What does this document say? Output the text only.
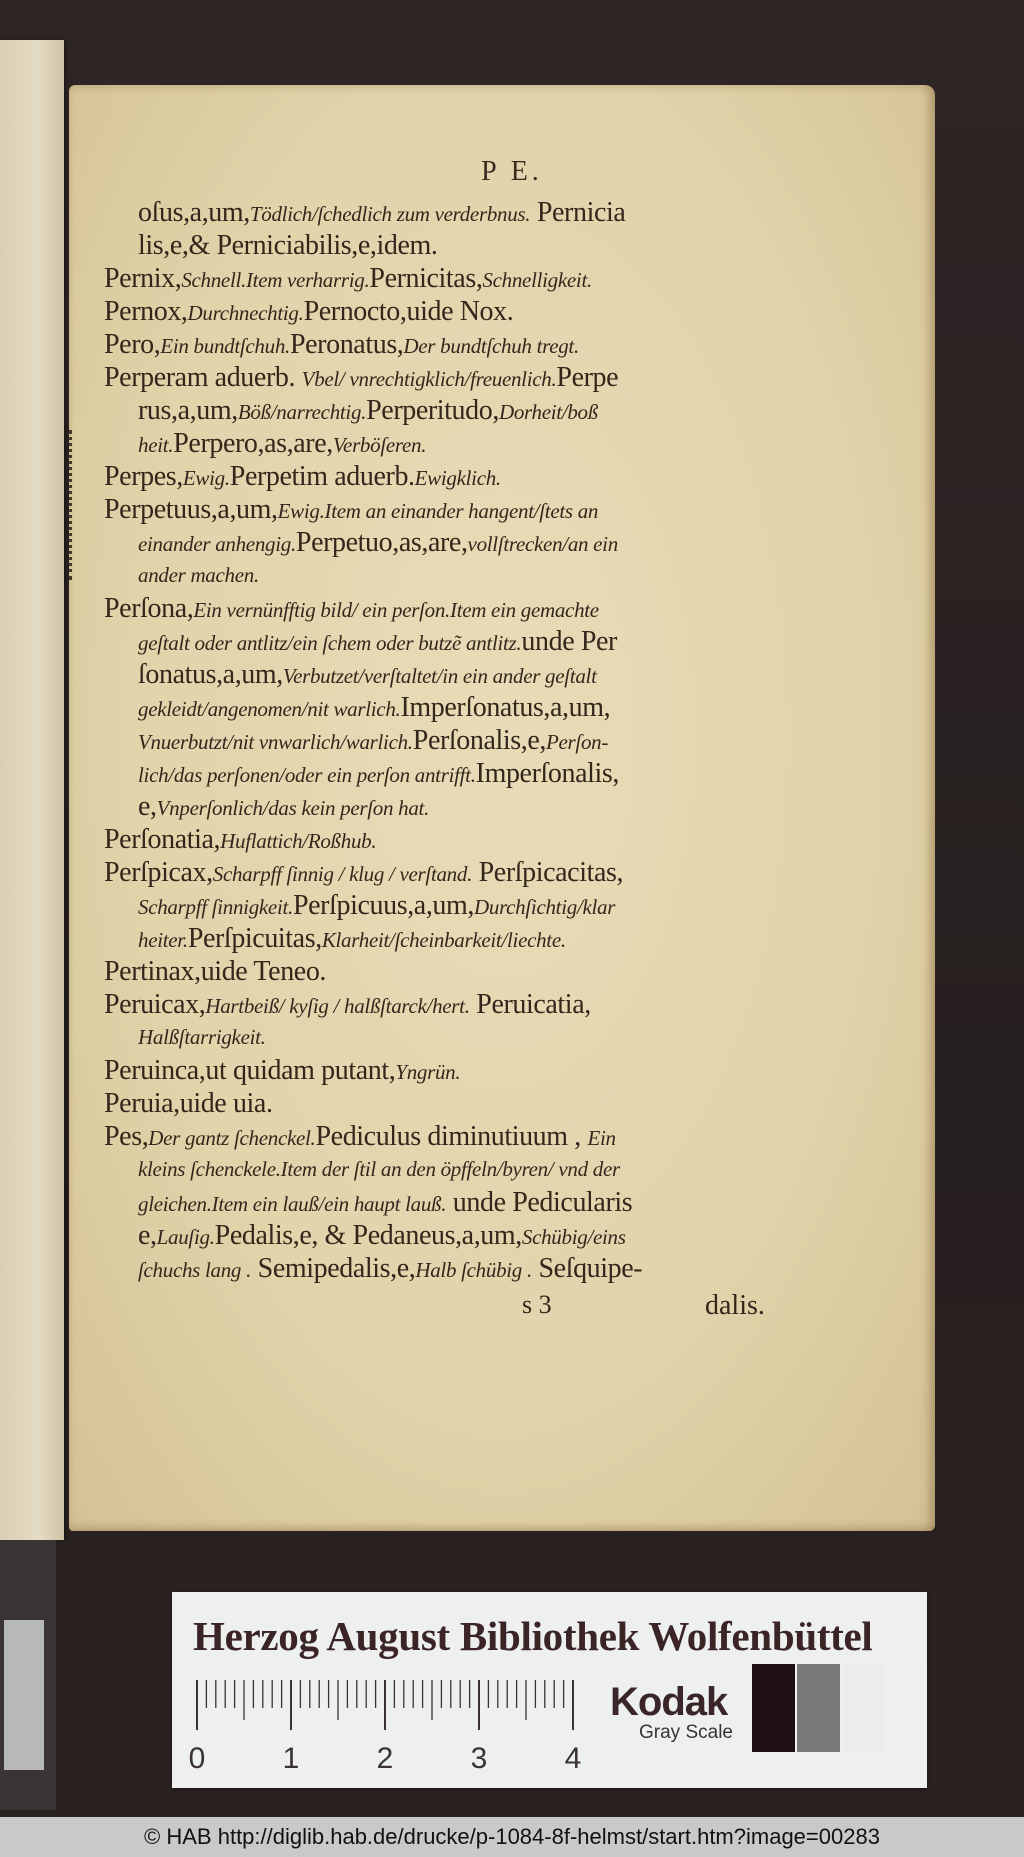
P E.
oſus,a,um,Tödlich/ſchedlich zum verderbnus. Pernicia
lis,e,& Perniciabilis,e,idem.
Pernix,Schnell.Item verharrig.Pernicitas,Schnelligkeit.
Pernox,Durchnechtig.Pernocto,uide Nox.
Pero,Ein bundtſchuh.Peronatus,Der bundtſchuh tregt.
Perperam aduerb. Vbel/ vnrechtigklich/freuenlich.Perpe
rus,a,um,Böß/narrechtig.Perperitudo,Dorheit/boß
heit.Perpero,as,are,Verböſeren.
Perpes,Ewig.Perpetim aduerb.Ewigklich.
Perpetuus,a,um,Ewig.Item an einander hangent/ſtets an
einander anhengig.Perpetuo,as,are,vollſtrecken/an ein
ander machen.
Perſona,Ein vernünfftig bild/ ein perſon.Item ein gemachte
geſtalt oder antlitz/ein ſchem oder butzẽ antlitz.unde Per
ſonatus,a,um,Verbutzet/verſtaltet/in ein ander geſtalt
gekleidt/angenomen/nit warlich.Imperſonatus,a,um,
Vnuerbutzt/nit vnwarlich/warlich.Perſonalis,e,Perſon-
lich/das perſonen/oder ein perſon antrifft.Imperſonalis,
e,Vnperſonlich/das kein perſon hat.
Perſonatia,Huflattich/Roßhub.
Perſpicax,Scharpff ſinnig / klug / verſtand. Perſpicacitas,
Scharpff ſinnigkeit.Perſpicuus,a,um,Durchſichtig/klar
heiter.Perſpicuitas,Klarheit/ſcheinbarkeit/liechte.
Pertinax,uide Teneo.
Peruicax,Hartbeiß/ kyſig / halßſtarck/hert. Peruicatia,
Halßſtarrigkeit.
Peruinca,ut quidam putant,Yngrün.
Peruia,uide uia.
Pes,Der gantz ſchenckel.Pediculus diminutiuum , Ein
kleins ſchenckele.Item der ſtil an den öpffeln/byren/ vnd der
gleichen.Item ein lauß/ein haupt lauß. unde Pedicularis
e,Lauſig.Pedalis,e, & Pedaneus,a,um,Schübig/eins
ſchuchs lang . Semipedalis,e,Halb ſchübig . Seſquipe-
s 3	dalis.
Herzog August Bibliothek Wolfenbüttel
0	1	2	3	4
Kodak
Gray Scale
© HAB http://diglib.hab.de/drucke/p-1084-8f-helmst/start.htm?image=00283
